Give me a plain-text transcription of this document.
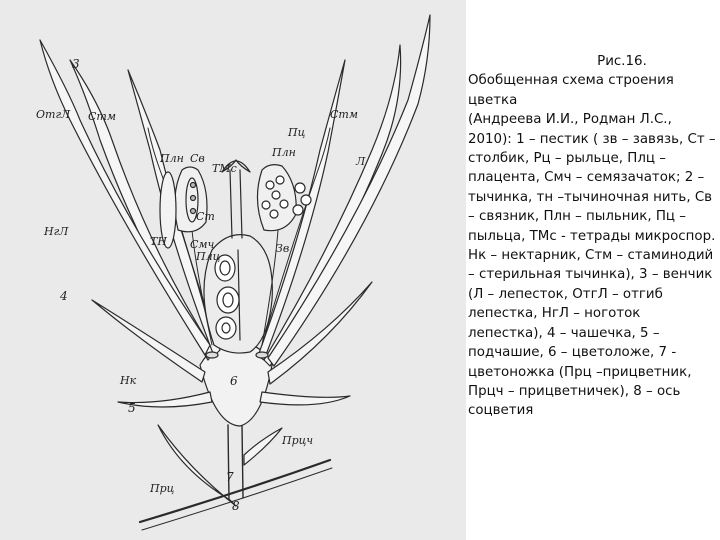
3
ОтгЛ Стм	Стм
Пц
Плн Св
ТМс
Плн
Л
Ст
НгЛ
ТН Смч
Плц
Зв
4
6
Нк
5
Прцч
7
Прц
8
Рис.16.
Обобщенная схема строения цветка
(Андреева И.И., Родман Л.С., 2010): 1 – пестик ( зв – завязь, Ст – столбик, Рц – рыльце, Плц – плацента, Смч – семязачаток; 2 – тычинка, тн –тычиночная нить, Св – связник, Плн – пыльник, Пц – пыльца, ТМс - тетрады микроспор. Нк – нектарник, Стм – стаминодий – стерильная тычинка), 3 – венчик (Л – лепесток, ОтгЛ – отгиб лепестка, НгЛ – ноготок лепестка), 4 – чашечка, 5 – подчашие, 6 – цветоложе, 7 - цветоножка (Прц –прицветник, Прцч – прицветничек), 8 – ось соцветия
